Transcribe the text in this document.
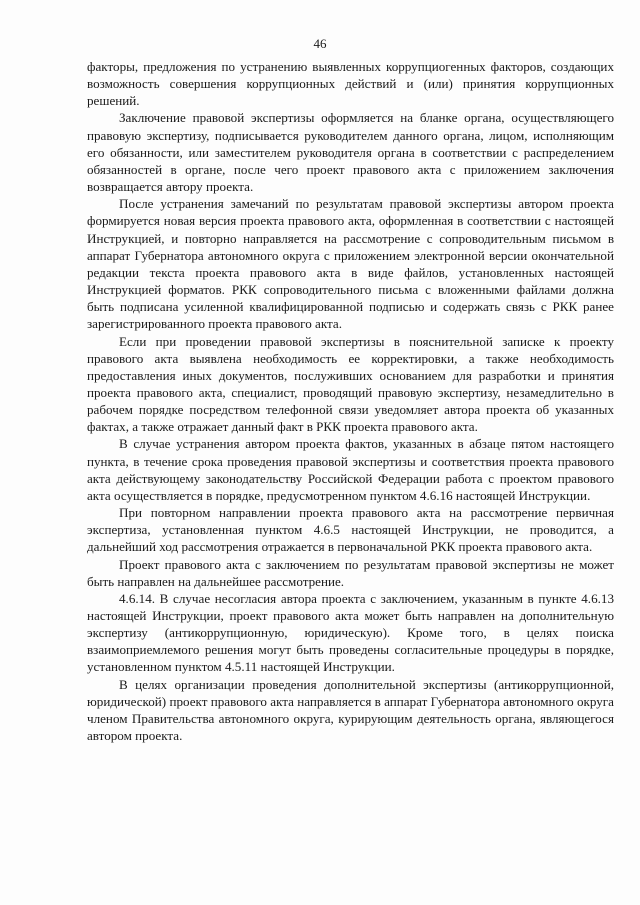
46

факторы, предложения по устранению выявленных коррупциогенных факторов, создающих возможность совершения коррупционных действий и (или) принятия коррупционных решений.

Заключение правовой экспертизы оформляется на бланке органа, осуществляющего правовую экспертизу, подписывается руководителем данного органа, лицом, исполняющим его обязанности, или заместителем руководителя органа в соответствии с распределением обязанностей в органе, после чего проект правового акта с приложением заключения возвращается автору проекта.

После устранения замечаний по результатам правовой экспертизы автором проекта формируется новая версия проекта правового акта, оформленная в соответствии с настоящей Инструкцией, и повторно направляется на рассмотрение с сопроводительным письмом в аппарат Губернатора автономного округа с приложением электронной версии окончательной редакции текста проекта правового акта в виде файлов, установленных настоящей Инструкцией форматов. РКК сопроводительного письма с вложенными файлами должна быть подписана усиленной квалифицированной подписью и содержать связь с РКК ранее зарегистрированного проекта правового акта.

Если при проведении правовой экспертизы в пояснительной записке к проекту правового акта выявлена необходимость ее корректировки, а также необходимость предоставления иных документов, послуживших основанием для разработки и принятия проекта правового акта, специалист, проводящий правовую экспертизу, незамедлительно в рабочем порядке посредством телефонной связи уведомляет автора проекта об указанных фактах, а также отражает данный факт в РКК проекта правового акта.

В случае устранения автором проекта фактов, указанных в абзаце пятом настоящего пункта, в течение срока проведения правовой экспертизы и соответствия проекта правового акта действующему законодательству Российской Федерации работа с проектом правового акта осуществляется в порядке, предусмотренном пунктом 4.6.16 настоящей Инструкции.

При повторном направлении проекта правового акта на рассмотрение первичная экспертиза, установленная пунктом 4.6.5 настоящей Инструкции, не проводится, а дальнейший ход рассмотрения отражается в первоначальной РКК проекта правового акта.

Проект правового акта с заключением по результатам правовой экспертизы не может быть направлен на дальнейшее рассмотрение.

4.6.14. В случае несогласия автора проекта с заключением, указанным в пункте 4.6.13 настоящей Инструкции, проект правового акта может быть направлен на дополнительную экспертизу (антикоррупционную, юридическую). Кроме того, в целях поиска взаимоприемлемого решения могут быть проведены согласительные процедуры в порядке, установленном пунктом 4.5.11 настоящей Инструкции.

В целях организации проведения дополнительной экспертизы (антикоррупционной, юридической) проект правового акта направляется в аппарат Губернатора автономного округа членом Правительства автономного округа, курирующим деятельность органа, являющегося автором проекта.
